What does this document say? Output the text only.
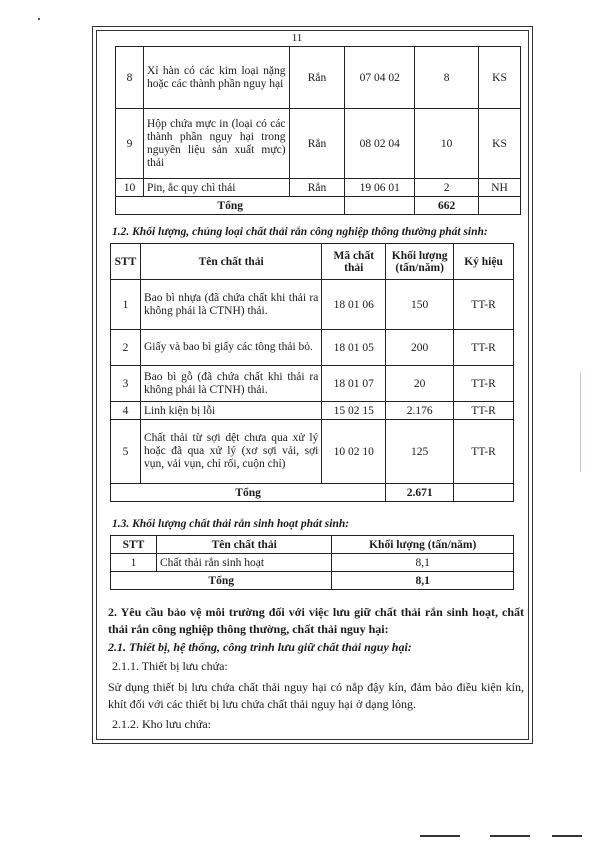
11
8	Xỉ hàn có các kim loại nặng hoặc các thành phần nguy hại	Rắn	07 04 02	8	KS
9	Hộp chứa mực in (loại có các thành phần nguy hại trong nguyên liệu sản xuất mực) thải	Rắn	08 02 04	10	KS
10	Pin, ắc quy chì thải	Rắn	19 06 01	2	NH
Tổng				662	
1.2. Khối lượng, chủng loại chất thải rắn công nghiệp thông thường phát sinh:
STT	Tên chất thải	Mã chất thải	Khối lượng (tấn/năm)	Ký hiệu
1	Bao bì nhựa (đã chứa chất khi thải ra không phải là CTNH) thải.	18 01 06	150	TT-R
2	Giấy và bao bì giấy các tông thải bỏ.	18 01 05	200	TT-R
3	Bao bì gỗ (đã chứa chất khi thải ra không phải là CTNH) thải.	18 01 07	20	TT-R
4	Linh kiện bị lỗi	15 02 15	2.176	TT-R
5	Chất thải từ sợi dệt chưa qua xử lý hoặc đã qua xử lý (xơ sợi vải, sợi vụn, vải vụn, chỉ rối, cuộn chỉ)	10 02 10	125	TT-R
Tổng			2.671	
1.3. Khối lượng chất thải rắn sinh hoạt phát sinh:
STT	Tên chất thải	Khối lượng (tấn/năm)
1	Chất thải rắn sinh hoạt	8,1
Tổng		8,1
2. Yêu cầu bảo vệ môi trường đối với việc lưu giữ chất thải rắn sinh hoạt, chất thải rắn công nghiệp thông thường, chất thải nguy hại:
2.1. Thiết bị, hệ thống, công trình lưu giữ chất thải nguy hại:
2.1.1. Thiết bị lưu chứa:
Sử dụng thiết bị lưu chứa chất thải nguy hại có nắp đậy kín, đảm bảo điều kiện kín, khít đối với các thiết bị lưu chứa chất thải nguy hại ở dạng lỏng.
2.1.2. Kho lưu chứa:
